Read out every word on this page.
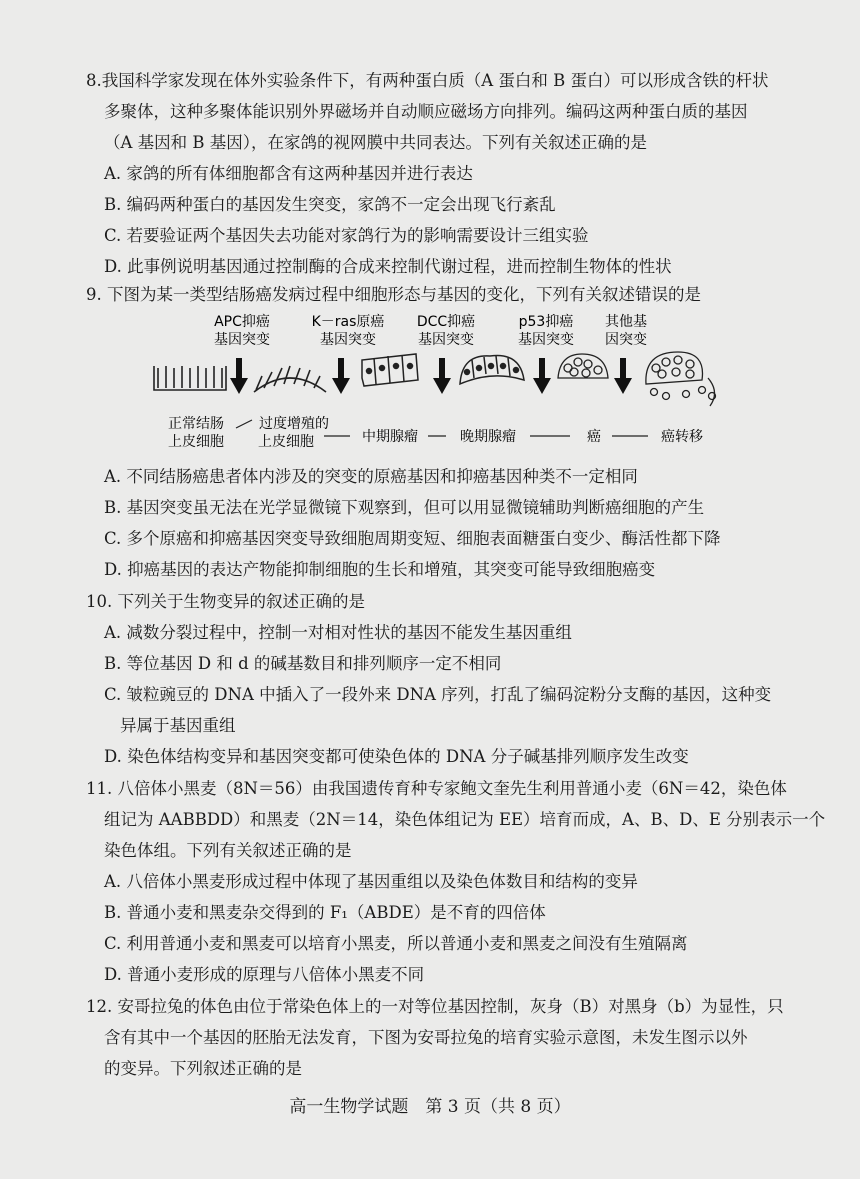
8.我国科学家发现在体外实验条件下，有两种蛋白质（A 蛋白和 B 蛋白）可以形成含铁的杆状
多聚体，这种多聚体能识别外界磁场并自动顺应磁场方向排列。编码这两种蛋白质的基因
（A 基因和 B 基因），在家鸽的视网膜中共同表达。下列有关叙述正确的是
A. 家鸽的所有体细胞都含有这两种基因并进行表达
B. 编码两种蛋白的基因发生突变，家鸽不一定会出现飞行紊乱
C. 若要验证两个基因失去功能对家鸽行为的影响需要设计三组实验
D. 此事例说明基因通过控制酶的合成来控制代谢过程，进而控制生物体的性状
9. 下图为某一类型结肠癌发病过程中细胞形态与基因的变化，下列有关叙述错误的是
APC抑癌
基因突变
K－ras原癌
基因突变
DCC抑癌
基因突变
p53抑癌
基因突变
其他基
因突变
正常结肠
上皮细胞
过度增殖的
上皮细胞	中期腺瘤	晚期腺瘤	癌	癌转移
A. 不同结肠癌患者体内涉及的突变的原癌基因和抑癌基因种类不一定相同
B. 基因突变虽无法在光学显微镜下观察到，但可以用显微镜辅助判断癌细胞的产生
C. 多个原癌和抑癌基因突变导致细胞周期变短、细胞表面糖蛋白变少、酶活性都下降
D. 抑癌基因的表达产物能抑制细胞的生长和增殖，其突变可能导致细胞癌变
10. 下列关于生物变异的叙述正确的是
A. 减数分裂过程中，控制一对相对性状的基因不能发生基因重组
B. 等位基因 D 和 d 的碱基数目和排列顺序一定不相同
C. 皱粒豌豆的 DNA 中插入了一段外来 DNA 序列，打乱了编码淀粉分支酶的基因，这种变
异属于基因重组
D. 染色体结构变异和基因突变都可使染色体的 DNA 分子碱基排列顺序发生改变
11. 八倍体小黑麦（8N＝56）由我国遗传育种专家鲍文奎先生利用普通小麦（6N＝42，染色体
组记为 AABBDD）和黑麦（2N＝14，染色体组记为 EE）培育而成，A、B、D、E 分别表示一个
染色体组。下列有关叙述正确的是
A. 八倍体小黑麦形成过程中体现了基因重组以及染色体数目和结构的变异
B. 普通小麦和黑麦杂交得到的 F₁（ABDE）是不育的四倍体
C. 利用普通小麦和黑麦可以培育小黑麦，所以普通小麦和黑麦之间没有生殖隔离
D. 普通小麦形成的原理与八倍体小黑麦不同
12. 安哥拉兔的体色由位于常染色体上的一对等位基因控制，灰身（B）对黑身（b）为显性，只
含有其中一个基因的胚胎无法发育，下图为安哥拉兔的培育实验示意图，未发生图示以外
的变异。下列叙述正确的是
高一生物学试题　第 3 页（共 8 页）
